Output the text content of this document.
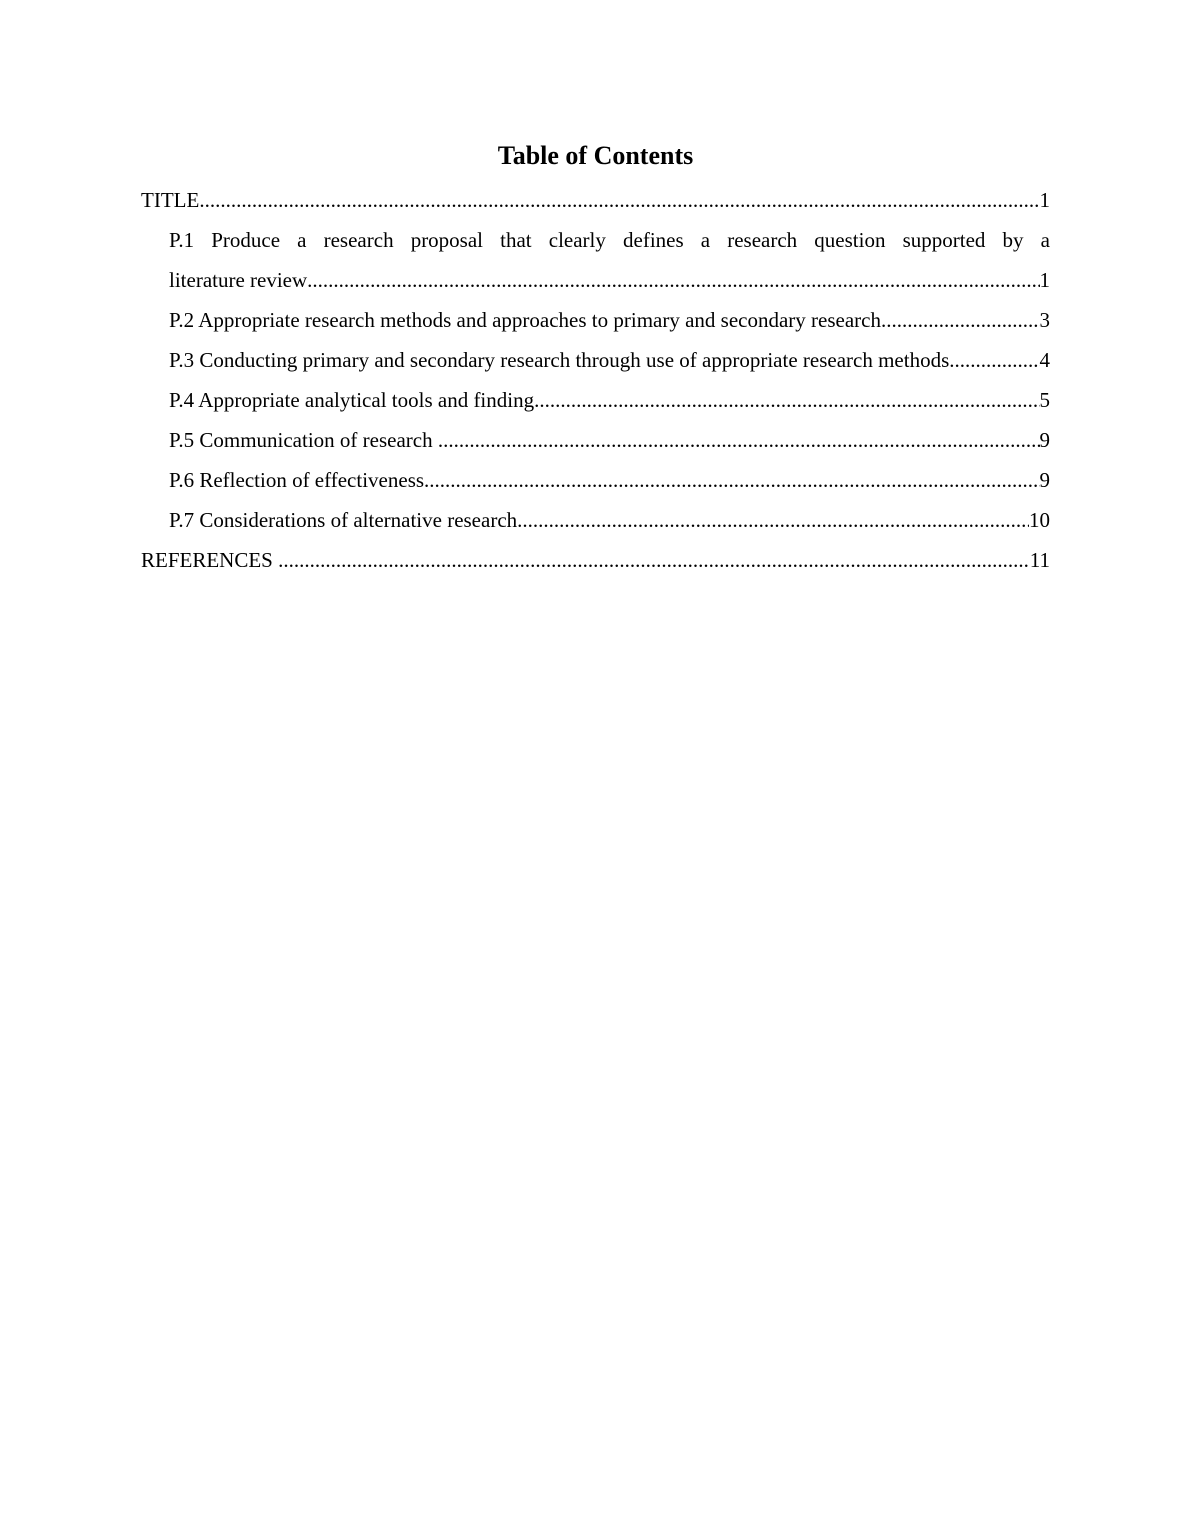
Table of Contents
TITLE .....	1
P.1 Produce a research proposal that clearly defines a research question supported by a
literature review .....	1
P.2 Appropriate research methods and approaches to primary and secondary research .....	3
P.3 Conducting primary and secondary research through use of appropriate research methods .....	4
P.4 Appropriate analytical tools and finding .....	5
P.5 Communication of research .....	9
P.6 Reflection of effectiveness .....	9
P.7 Considerations of alternative research .....	10
REFERENCES .....	11
